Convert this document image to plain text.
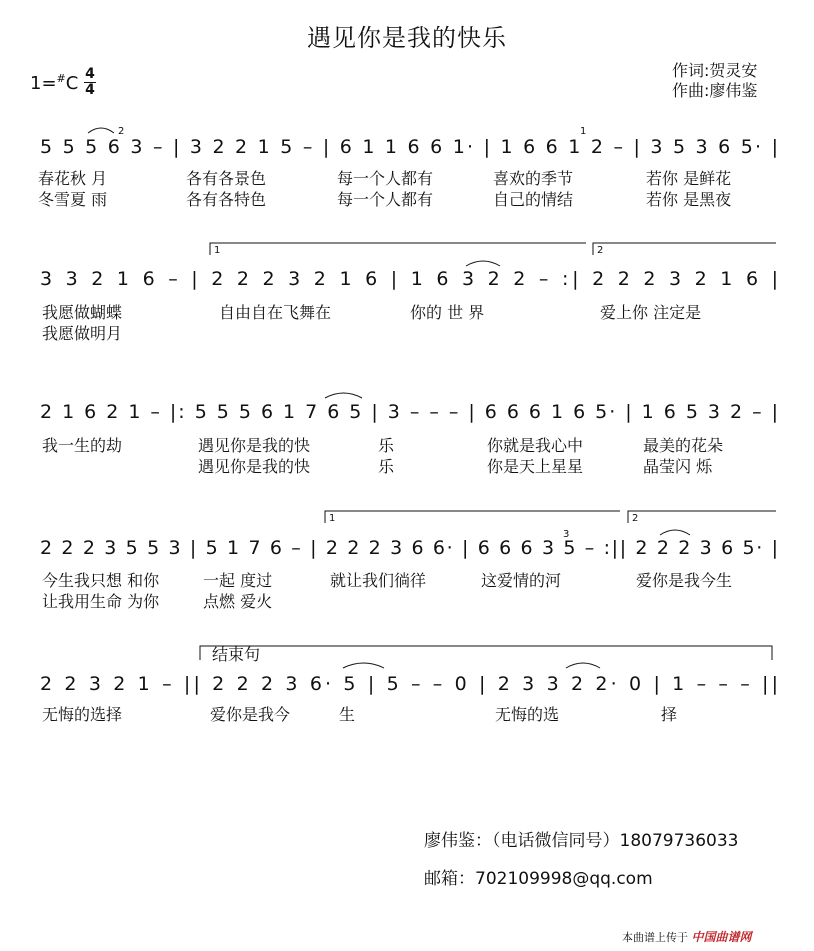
遇见你是我的快乐
1=#C 4
4
作词:贺灵安
作曲:廖伟鉴
5 5 5 6 3 – | 3 2 2 1 5 – | 6 1 1 6 6 1· | 1 6 6 1 2 – | 3 5 3 6 5· |
春花秋 月	各有各景色	每一个人都有	喜欢的季节	若你 是鲜花
冬雪夏 雨	各有各特色	每一个人都有	自己的情结	若你 是黑夜
3 3 2 1 6 – | 2 2 2 3 2 1 6 | 1 6 3 2 2 – :| 2 2 2 3 2 1 6 |
我愿做蝴蝶	自由自在飞舞在	你的 世 界	爱上你 注定是
我愿做明月
2 1 6 2 1 – |: 5 5 5 6 1 7 6 5 | 3 – – – | 6 6 6 1 6 5· | 1 6 5 3 2 – |
我一生的劫	遇见你是我的快	乐	你就是我心中	最美的花朵
遇见你是我的快	乐	你是天上星星	晶莹闪 烁
2 2 2 3 5 5 3 | 5 1 7 6 – | 2 2 2 3 6 6· | 6 6 6 3 5 – :|| 2 2 2 3 6 5· |
今生我只想 和你	一起 度过	就让我们徜徉	这爱情的河	爱你是我今生
让我用生命 为你	点燃 爱火
2 2 3 2 1 – || 2 2 2 3 6· 5 | 5 – – 0 | 2 3 3 2 2· 0 | 1 – – – ||
无悔的选择	爱你是我今	生	无悔的选	择
2	1
3
1	2
1	2
结束句
廖伟鉴：（电话微信同号）18079736033
邮箱：702109998@qq.com
本曲谱上传于 中国曲谱网
